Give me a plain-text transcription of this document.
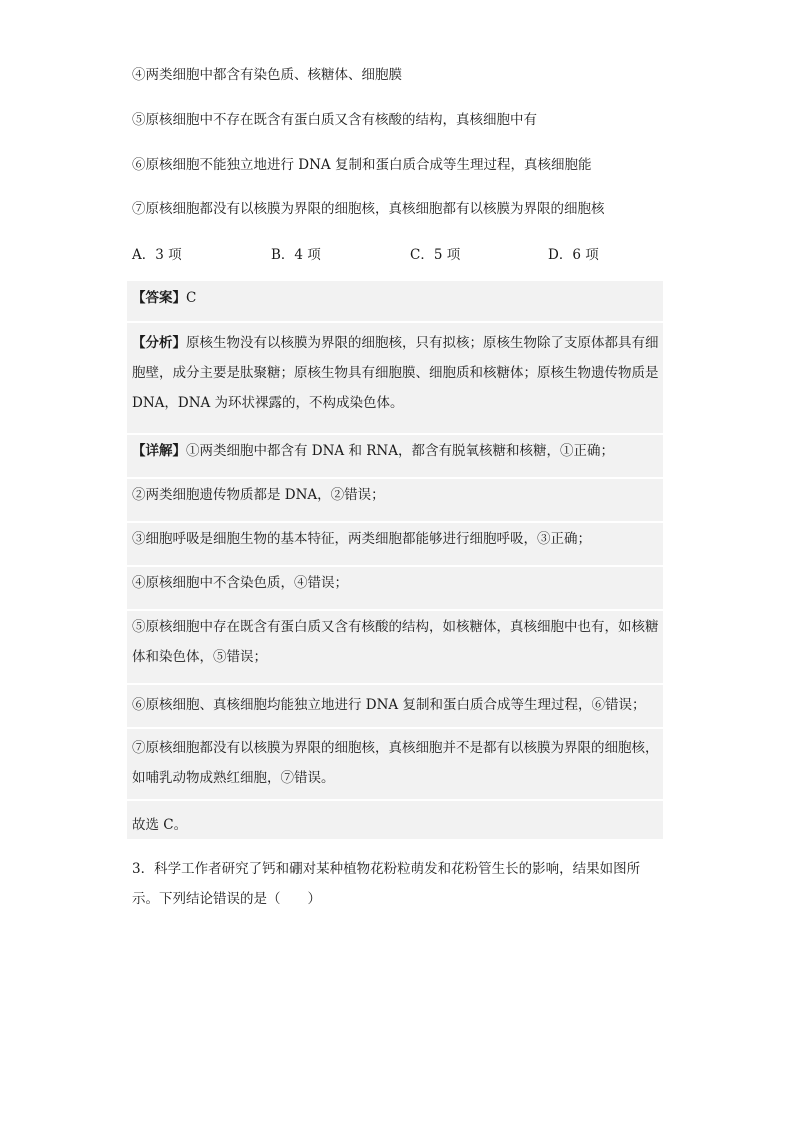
④两类细胞中都含有染色质、核糖体、细胞膜
⑤原核细胞中不存在既含有蛋白质又含有核酸的结构，真核细胞中有
⑥原核细胞不能独立地进行 DNA 复制和蛋白质合成等生理过程，真核细胞能
⑦原核细胞都没有以核膜为界限的细胞核，真核细胞都有以核膜为界限的细胞核
A．3 项	B．4 项	C．5 项	D．6 项
【答案】C
【分析】原核生物没有以核膜为界限的细胞核，只有拟核；原核生物除了支原体都具有细胞壁，成分主要是肽聚糖；原核生物具有细胞膜、细胞质和核糖体；原核生物遗传物质是 DNA，DNA 为环状裸露的，不构成染色体。
【详解】①两类细胞中都含有 DNA 和 RNA，都含有脱氧核糖和核糖，①正确；
②两类细胞遗传物质都是 DNA，②错误；
③细胞呼吸是细胞生物的基本特征，两类细胞都能够进行细胞呼吸，③正确；
④原核细胞中不含染色质，④错误；
⑤原核细胞中存在既含有蛋白质又含有核酸的结构，如核糖体，真核细胞中也有，如核糖体和染色体，⑤错误；
⑥原核细胞、真核细胞均能独立地进行 DNA 复制和蛋白质合成等生理过程，⑥错误；
⑦原核细胞都没有以核膜为界限的细胞核，真核细胞并不是都有以核膜为界限的细胞核，如哺乳动物成熟红细胞，⑦错误。
故选 C。
3．科学工作者研究了钙和硼对某种植物花粉粒萌发和花粉管生长的影响，结果如图所示。下列结论错误的是（　　）
